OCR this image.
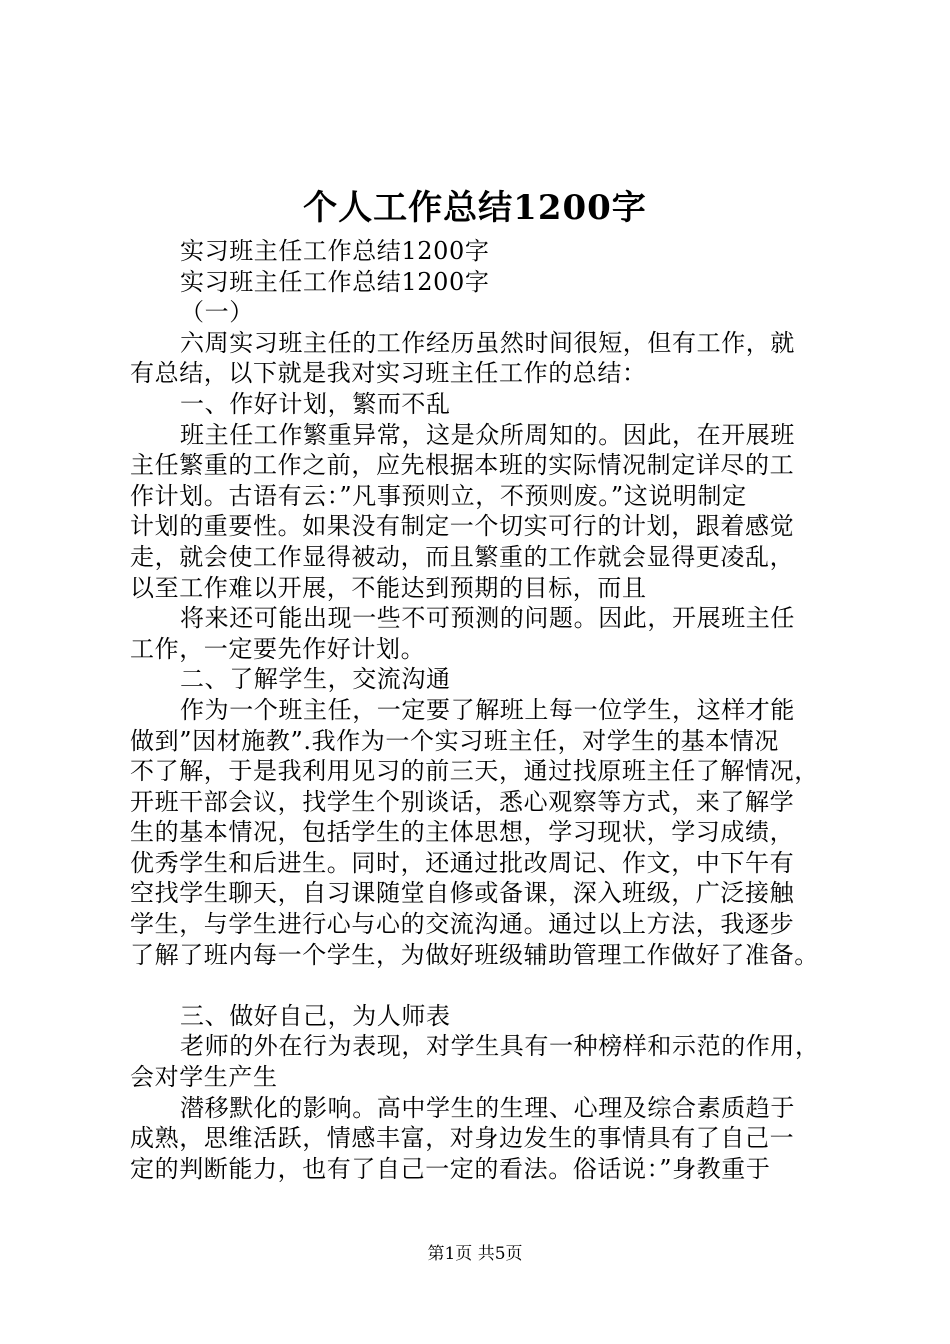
个人工作总结1200字
实习班主任工作总结1200字
实习班主任工作总结1200字
（一）
六周实习班主任的工作经历虽然时间很短，但有工作，就
有总结，以下就是我对实习班主任工作的总结：
一、作好计划，繁而不乱
班主任工作繁重异常，这是众所周知的。因此，在开展班
主任繁重的工作之前，应先根据本班的实际情况制定详尽的工
作计划。古语有云：”凡事预则立，不预则废。”这说明制定
计划的重要性。如果没有制定一个切实可行的计划，跟着感觉
走，就会使工作显得被动，而且繁重的工作就会显得更凌乱，
以至工作难以开展，不能达到预期的目标，而且
将来还可能出现一些不可预测的问题。因此，开展班主任
工作，一定要先作好计划。
二、了解学生，交流沟通
作为一个班主任，一定要了解班上每一位学生，这样才能
做到”因材施教”.我作为一个实习班主任，对学生的基本情况
不了解，于是我利用见习的前三天，通过找原班主任了解情况，
开班干部会议，找学生个别谈话，悉心观察等方式，来了解学
生的基本情况，包括学生的主体思想，学习现状，学习成绩，
优秀学生和后进生。同时，还通过批改周记、作文，中下午有
空找学生聊天，自习课随堂自修或备课，深入班级，广泛接触
学生，与学生进行心与心的交流沟通。通过以上方法，我逐步
了解了班内每一个学生，为做好班级辅助管理工作做好了准备。
三、做好自己，为人师表
老师的外在行为表现，对学生具有一种榜样和示范的作用，
会对学生产生
潜移默化的影响。高中学生的生理、心理及综合素质趋于
成熟，思维活跃，情感丰富，对身边发生的事情具有了自己一
定的判断能力，也有了自己一定的看法。俗话说：”身教重于
第1页 共5页
